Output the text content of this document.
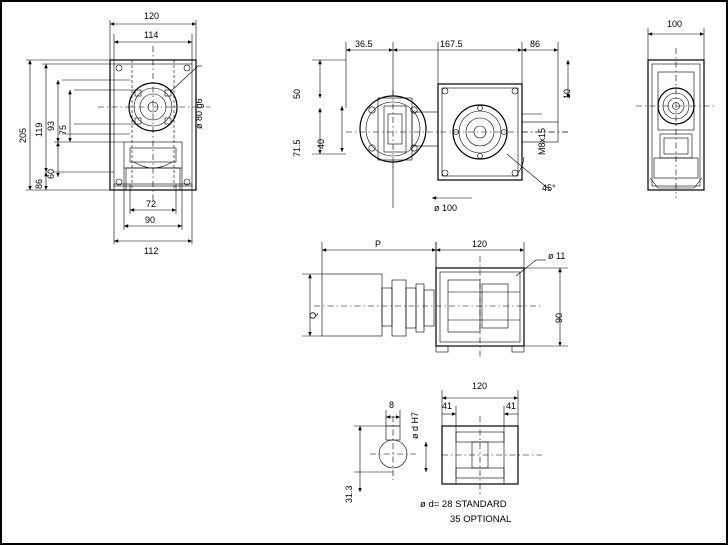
120
114
205 119 93 75
86
60
72
90
112
ø 80 g6
36.5	167.5	86
50
71.5 40
10
M8x15
45°
ø 100
100
P	120
Q	90
ø 11
8
120
41	41
ø d H7
31.3
ø d= 28 STANDARD
35 OPTIONAL
